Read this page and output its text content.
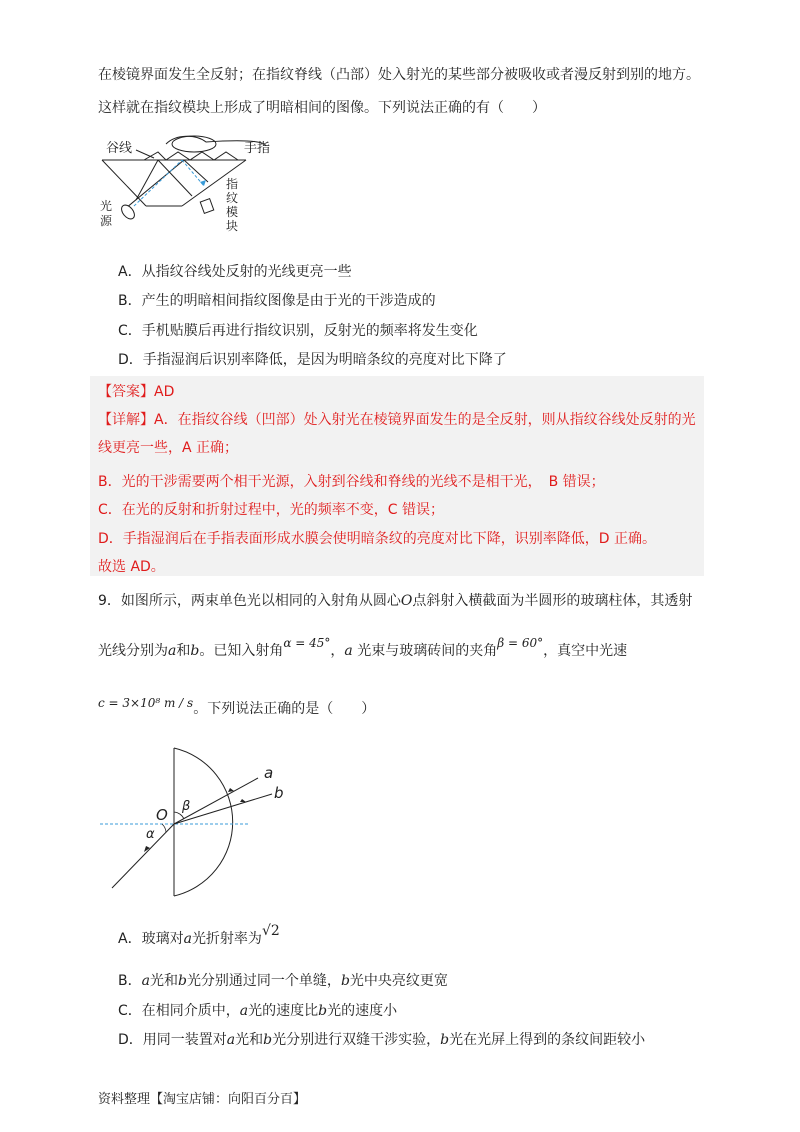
在棱镜界面发生全反射；在指纹脊线（凸部）处入射光的某些部分被吸收或者漫反射到别的地方。
这样就在指纹模块上形成了明暗相间的图像。下列说法正确的有（　　）
谷线	手指
光
源
指
纹
模
块
A．从指纹谷线处反射的光线更亮一些
B．产生的明暗相间指纹图像是由于光的干涉造成的
C．手机贴膜后再进行指纹识别，反射光的频率将发生变化
D．手指湿润后识别率降低，是因为明暗条纹的亮度对比下降了
【答案】AD
【详解】A．在指纹谷线（凹部）处入射光在棱镜界面发生的是全反射，则从指纹谷线处反射的光
线更亮一些，A 正确；
B．光的干涉需要两个相干光源，入射到谷线和脊线的光线不是相干光，　B 错误；
C．在光的反射和折射过程中，光的频率不变，C 错误；
D．手指湿润后在手指表面形成水膜会使明暗条纹的亮度对比下降，识别率降低，D 正确。
故选 AD。
9．如图所示，两束单色光以相同的入射角从圆心O点斜射入横截面为半圆形的玻璃柱体，其透射
光线分别为a和b。已知入射角α = 45°，a 光束与玻璃砖间的夹角β = 60°，真空中光速
c = 3×10⁸ m / s。下列说法正确的是（　　）
a
b
O
α
β
A．玻璃对a光折射率为√2
B．a光和b光分别通过同一个单缝，b光中央亮纹更宽
C．在相同介质中，a光的速度比b光的速度小
D．用同一装置对a光和b光分别进行双缝干涉实验，b光在光屏上得到的条纹间距较小
资料整理【淘宝店铺：向阳百分百】
